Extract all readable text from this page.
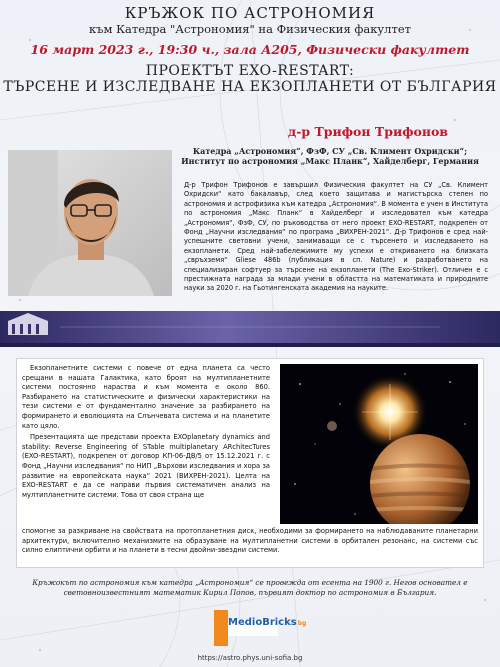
КРЪЖОК ПО АСТРОНОМИЯ
към Катедра "Астрономия" на Физическия факултет
16 март 2023 г., 19:30 ч., зала А205, Физически факултет
ПРОЕКТЪТ EXO-RESTART:
ТЪРСЕНЕ И ИЗСЛЕДВАНЕ НА ЕКЗОПЛАНЕТИ ОТ БЪЛГАРИЯ
д-р Трифон Трифонов
Катедра „Астрономия“, ФзФ, СУ „Св. Климент Охридски“;
Институт по астрономия „Макс Планк“, Хайделберг, Германия
Д-р Трифон Трифонов е завършил Физическия факултет на СУ „Св. Климент Охридски“ като бакалавър, след което защитава и магистърска степен по астрономия и астрофизика към катедра „Астрономия“. В момента е учен в Института по астрономия „Макс Планк“ в Хайделберг и изследовател към катедра „Астрономия“, ФзФ, СУ, по ръководства от него проект EXO-RESTART, подкрепен от Фонд „Научни изследвания“ по програма „ВИХРЕН-2021“. Д-р Трифонов е сред най-успешните световни учени, занимаващи се с търсенето и изследването на екзопланети. Сред най-забележимите му успехи е откриването на близката „свръхземя“ Gliese 486b (публикация в сп. Nature) и разработването на специализиран софтуер за търсене на екзопланети (The Exo-Striker). Отличен е с престижната награда за млади учени в областта на математиката и природните науки за 2020 г. на Гьотингенската академия на науките.

Екзопланетните системи с повече от една планета са често срещани в нашата Галактика, като броят на мултипланетните системи постоянно нараства и към момента е около 860. Разбирането на статистическите и физически характеристики на тези системи е от фундаментално значение за разбирането на формирането и еволюцията на Слънчевата система и на планетите като цяло.

Презентацията ще представи проекта EXOplanetary dynamics and stability: Reverse Engineering of STable multiplanetary ARchitecTures (EXO-RESTART), подкрепен от договор КП-06-ДВ/5 от 15.12.2021 г. с Фонд „Научни изследвания“ по НИП „Върхови изследвания и хора за развитие на европейската наука“ 2021 (ВИХРЕН-2021). Целта на EXO-RESTART е да се направи първия систематичен анализ на мултипланетните системи. Това от своя страна ще

спомогне за разкриване на свойствата на протопланетния диск, необходими за формирането на наблюдаваните планетарни архитектури, включително механизмите на образуване на мултипланетни системи в орбитален резонанс, на системи със силно елиптични орбити и на планети в тесни двойни-звездни системи.
Кръжокът по астрономия към катедра „Астрономия“ се провежда от есента на 1900 г. Негов основател е световноизвестният математик Кирил Попов, първият доктор по астрономия в България.
MedioBricksbg
https://astro.phys.uni-sofia.bg
